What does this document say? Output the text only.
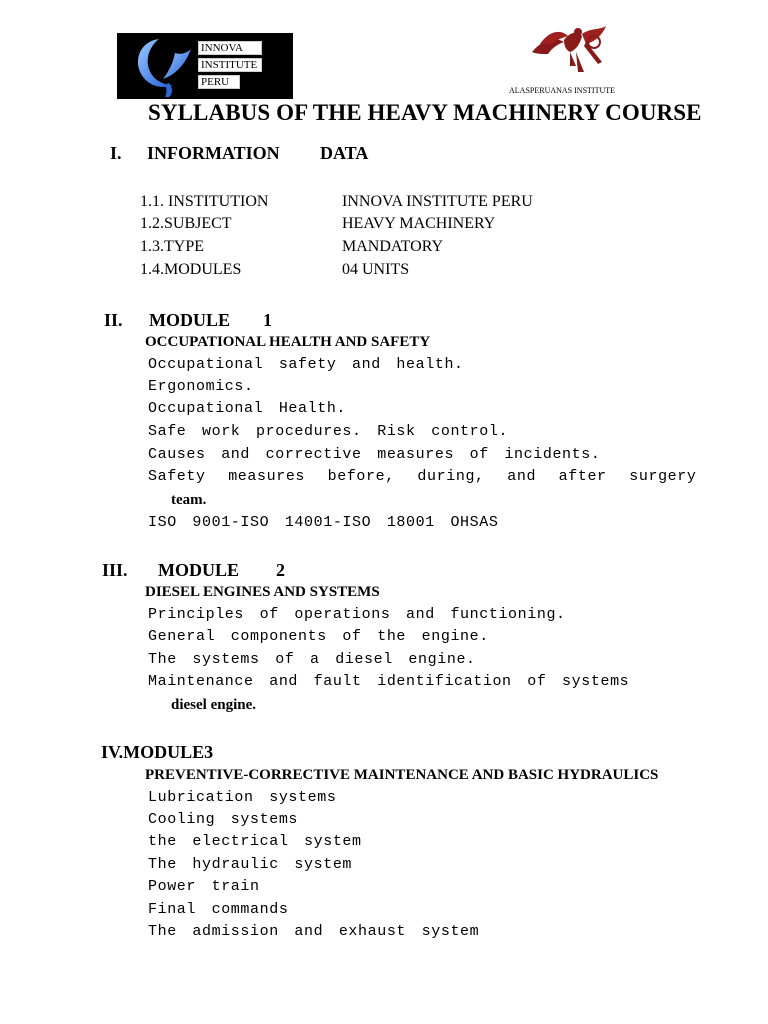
INNOVA
INSTITUTE
PERU
ALASPERUANAS INSTITUTE
SYLLABUS OF THE HEAVY MACHINERY COURSE
I. INFORMATION DATA
1.1. INSTITUTION	INNOVA INSTITUTE PERU
1.2.SUBJECT	HEAVY MACHINERY
1.3.TYPE	MANDATORY
1.4.MODULES	04 UNITS
II. MODULE 1
OCCUPATIONAL HEALTH AND SAFETY
Occupational safety and health.
Ergonomics.
Occupational Health.
Safe work procedures. Risk control.
Causes and corrective measures of incidents.
Safety measures before, during, and after surgery
team.
ISO 9001-ISO 14001-ISO 18001 OHSAS
III. MODULE 2
DIESEL ENGINES AND SYSTEMS
Principles of operations and functioning.
General components of the engine.
The systems of a diesel engine.
Maintenance and fault identification of systems
diesel engine.
IV.MODULE3
PREVENTIVE-CORRECTIVE MAINTENANCE AND BASIC HYDRAULICS
Lubrication systems
Cooling systems
the electrical system
The hydraulic system
Power train
Final commands
The admission and exhaust system
